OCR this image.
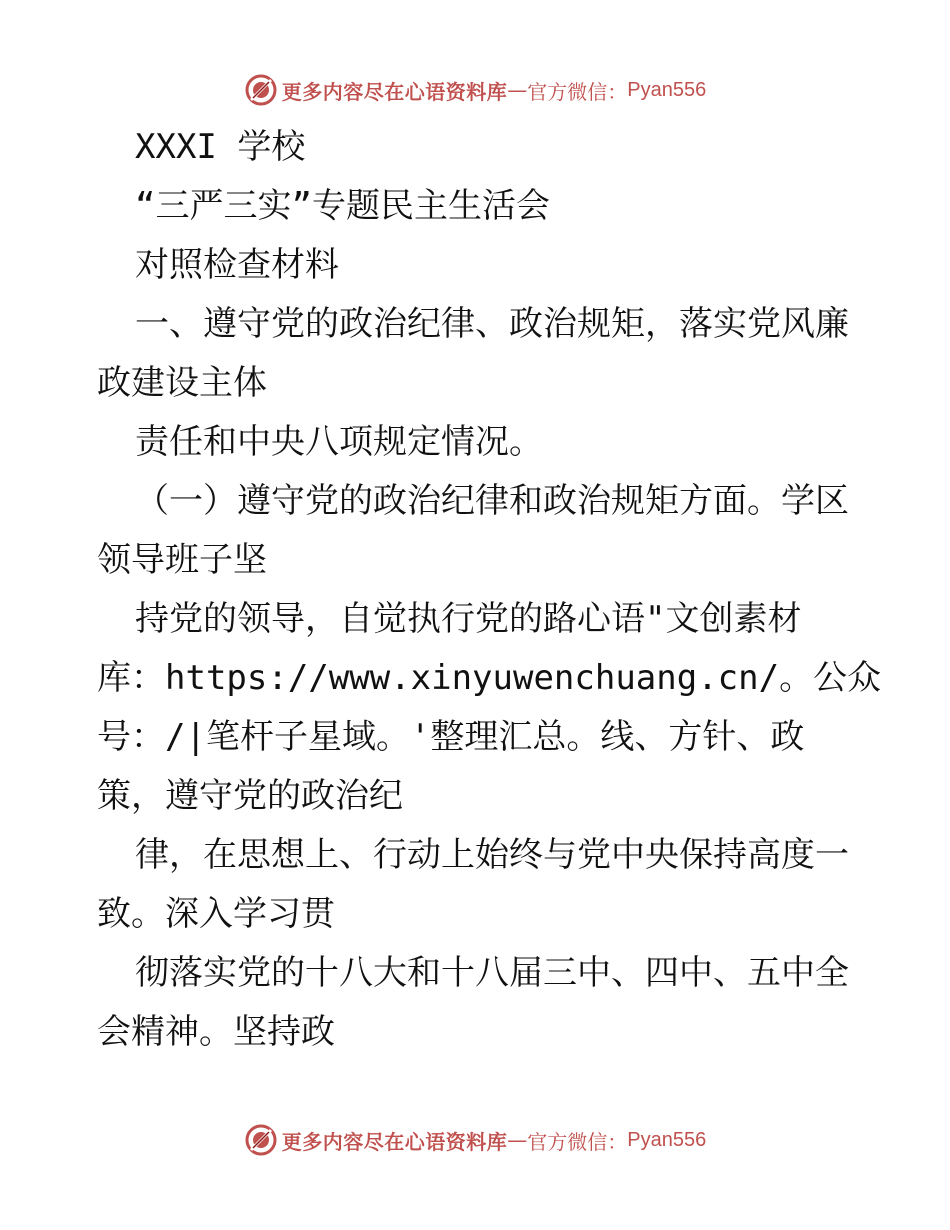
更多内容尽在心语资料库 — 官方微信： Pyan556
XXXI 学校
“三严三实”专题民主生活会
对照检查材料
一、遵守党的政治纪律、政治规矩，落实党风廉
政建设主体
责任和中央八项规定情况。
（一）遵守党的政治纪律和政治规矩方面。学区
领导班子坚
持党的领导，自觉执行党的路心语"文创素材
库：https://www.xinyuwenchuang.cn/。公众
号：/|笔杆子星域。'整理汇总。线、方针、政
策，遵守党的政治纪
律，在思想上、行动上始终与党中央保持高度一
致。深入学习贯
彻落实党的十八大和十八届三中、四中、五中全
会精神。坚持政
更多内容尽在心语资料库 — 官方微信： Pyan556
